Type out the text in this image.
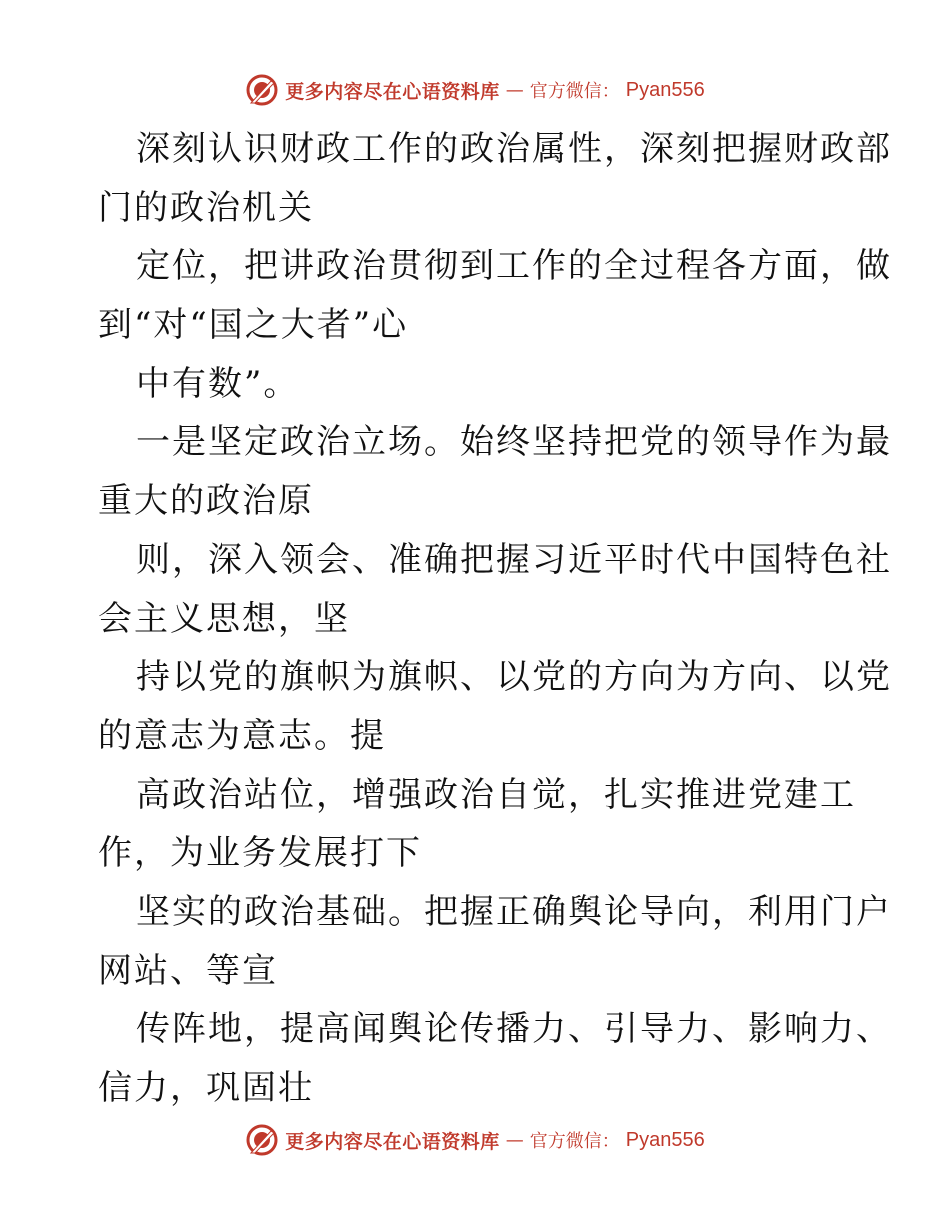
更多内容尽在心语资料库 — 官方微信： Pyan556
深刻认识财政工作的政治属性，深刻把握财政部
门的政治机关
定位，把讲政治贯彻到工作的全过程各方面，做
到“对“国之大者”心
中有数”。
一是坚定政治立场。始终坚持把党的领导作为最
重大的政治原
则，深入领会、准确把握习近平时代中国特色社
会主义思想，坚
持以党的旗帜为旗帜、以党的方向为方向、以党
的意志为意志。提
高政治站位，增强政治自觉，扎实推进党建工
作，为业务发展打下
坚实的政治基础。把握正确舆论导向，利用门户
网站、等宣
传阵地，提高闻舆论传播力、引导力、影响力、
信力，巩固壮
更多内容尽在心语资料库 — 官方微信： Pyan556
